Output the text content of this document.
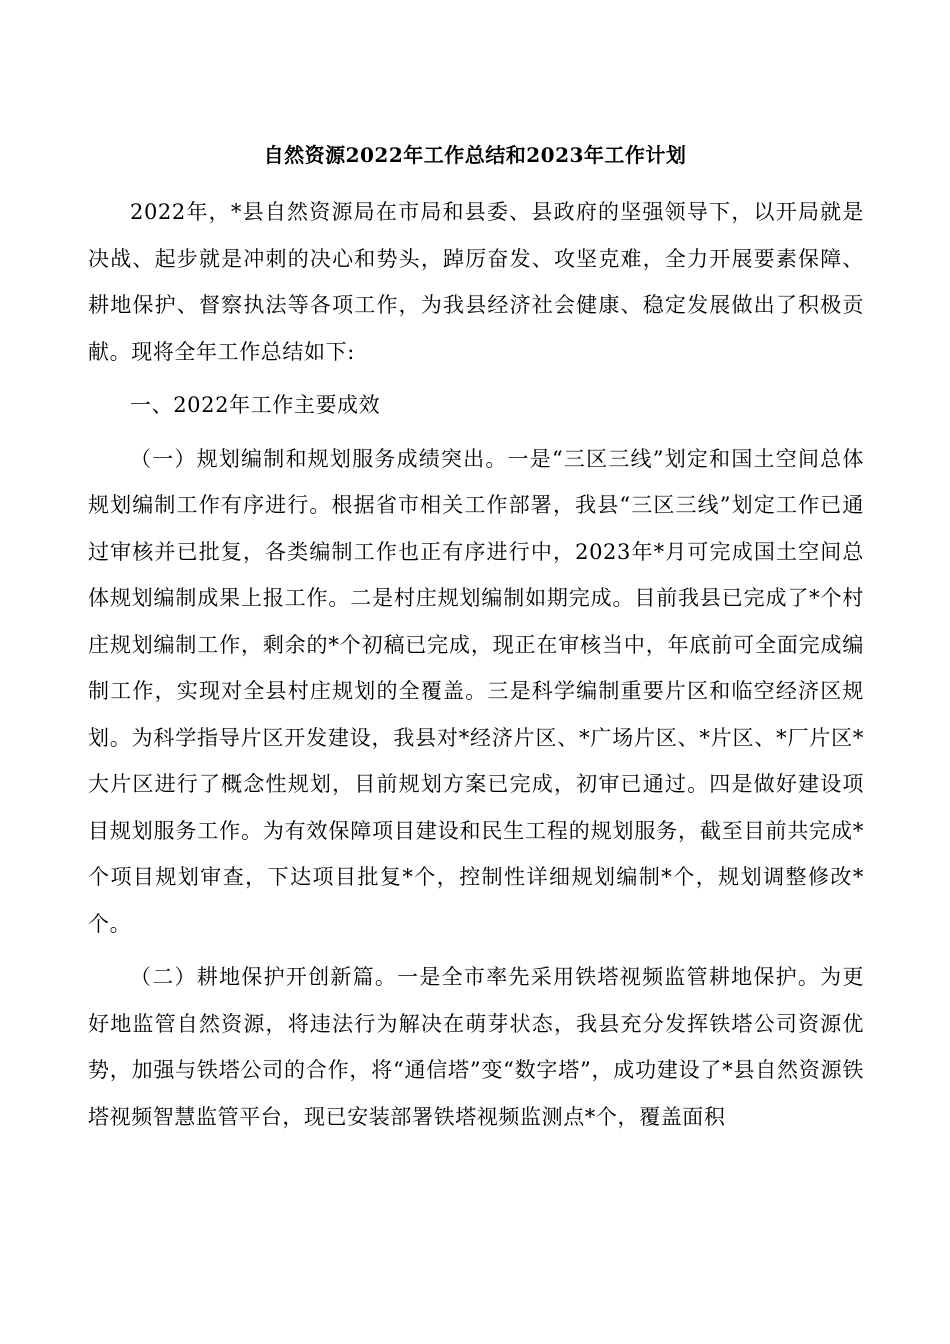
自然资源2022年工作总结和2023年工作计划

2022年，*县自然资源局在市局和县委、县政府的坚强领导下，以开局就是决战、起步就是冲刺的决心和势头，踔厉奋发、攻坚克难，全力开展要素保障、耕地保护、督察执法等各项工作，为我县经济社会健康、稳定发展做出了积极贡献。现将全年工作总结如下:

一、2022年工作主要成效

（一）规划编制和规划服务成绩突出。一是“三区三线”划定和国土空间总体规划编制工作有序进行。根据省市相关工作部署，我县“三区三线”划定工作已通过审核并已批复，各类编制工作也正有序进行中，2023年*月可完成国土空间总体规划编制成果上报工作。二是村庄规划编制如期完成。目前我县已完成了*个村庄规划编制工作，剩余的*个初稿已完成，现正在审核当中，年底前可全面完成编制工作，实现对全县村庄规划的全覆盖。三是科学编制重要片区和临空经济区规划。为科学指导片区开发建设，我县对*经济片区、*广场片区、*片区、*厂片区*大片区进行了概念性规划，目前规划方案已完成，初审已通过。四是做好建设项目规划服务工作。为有效保障项目建设和民生工程的规划服务，截至目前共完成*个项目规划审查，下达项目批复*个，控制性详细规划编制*个，规划调整修改*个。

（二）耕地保护开创新篇。一是全市率先采用铁塔视频监管耕地保护。为更好地监管自然资源，将违法行为解决在萌芽状态，我县充分发挥铁塔公司资源优势，加强与铁塔公司的合作，将“通信塔”变“数字塔”，成功建设了*县自然资源铁塔视频智慧监管平台，现已安装部署铁塔视频监测点*个，覆盖面积
